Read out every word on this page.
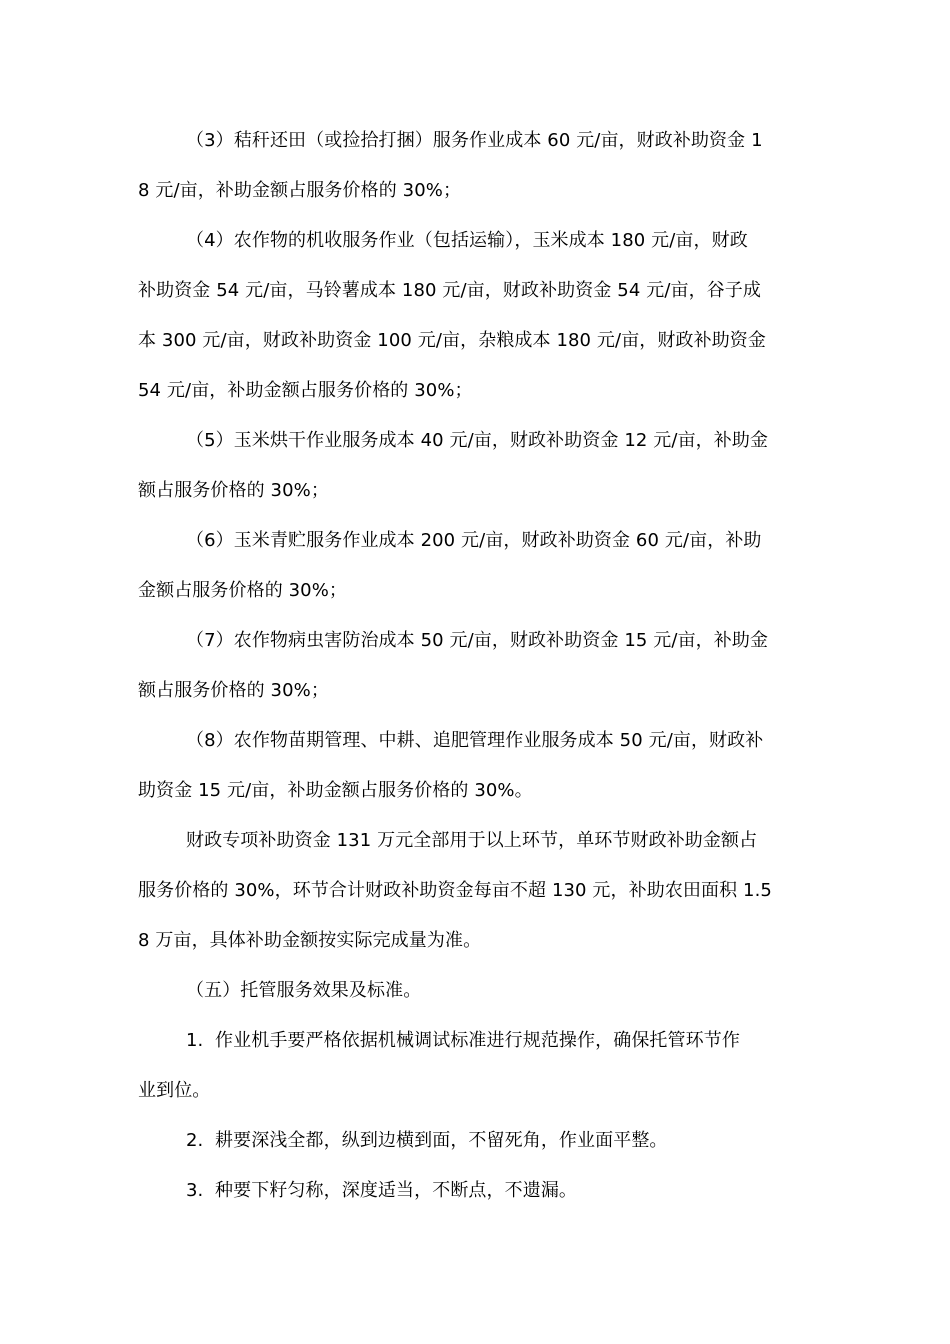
（3）秸秆还田（或捡拾打捆）服务作业成本 60 元/亩，财政补助资金 1
8 元/亩，补助金额占服务价格的 30%；
（4）农作物的机收服务作业（包括运输），玉米成本 180 元/亩，财政
补助资金 54 元/亩，马铃薯成本 180 元/亩，财政补助资金 54 元/亩，谷子成
本 300 元/亩，财政补助资金 100 元/亩，杂粮成本 180 元/亩，财政补助资金
54 元/亩，补助金额占服务价格的 30%；
（5）玉米烘干作业服务成本 40 元/亩，财政补助资金 12 元/亩，补助金
额占服务价格的 30%；
（6）玉米青贮服务作业成本 200 元/亩，财政补助资金 60 元/亩，补助
金额占服务价格的 30%；
（7）农作物病虫害防治成本 50 元/亩，财政补助资金 15 元/亩，补助金
额占服务价格的 30%；
（8）农作物苗期管理、中耕、追肥管理作业服务成本 50 元/亩，财政补
助资金 15 元/亩，补助金额占服务价格的 30%。
财政专项补助资金 131 万元全部用于以上环节，单环节财政补助金额占
服务价格的 30%，环节合计财政补助资金每亩不超 130 元，补助农田面积 1.5
8 万亩，具体补助金额按实际完成量为准。
（五）托管服务效果及标准。
1.  作业机手要严格依据机械调试标准进行规范操作，确保托管环节作
业到位。
2.  耕要深浅全都，纵到边横到面，不留死角，作业面平整。
3.  种要下籽匀称，深度适当，不断点，不遗漏。
